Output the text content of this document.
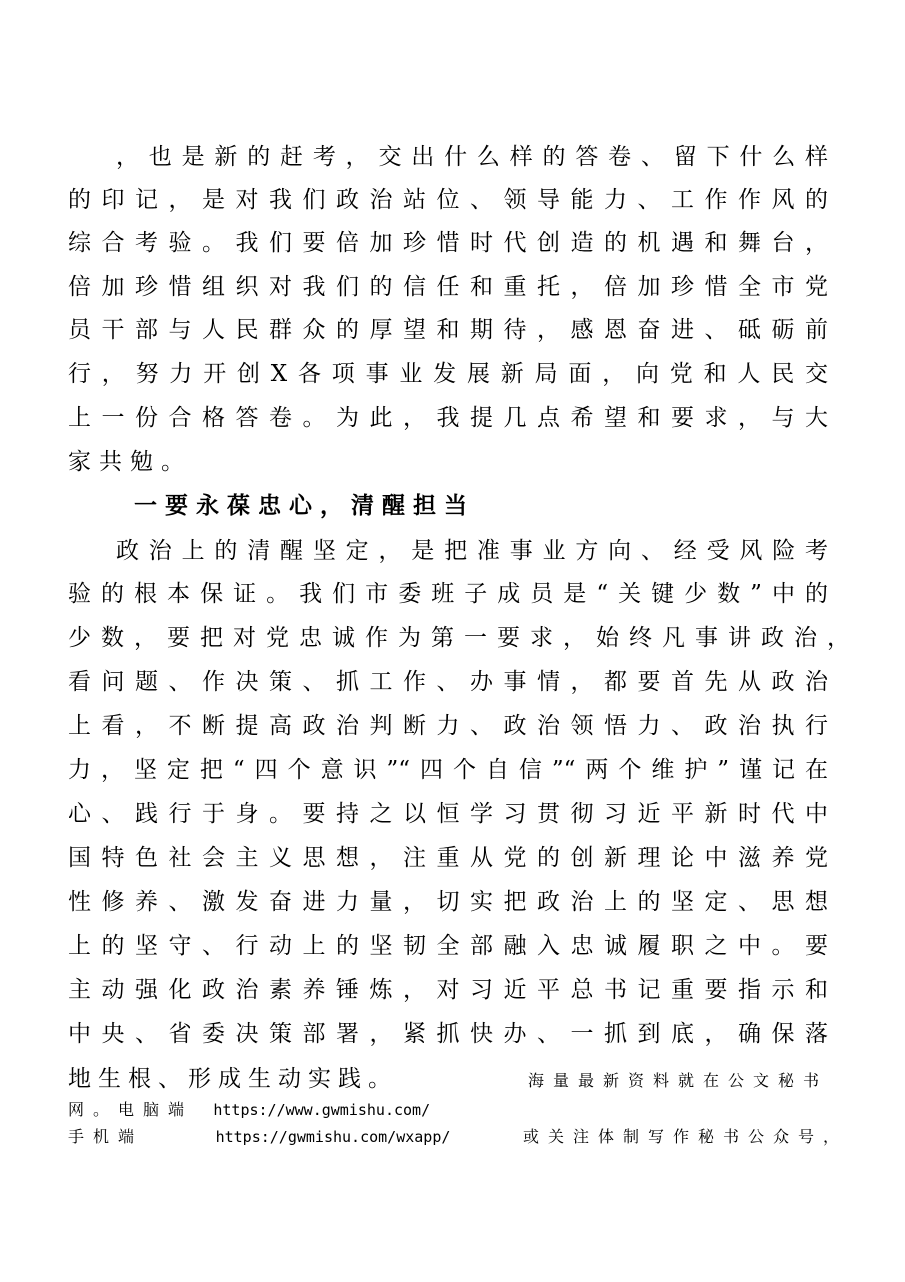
，也是新的赶考，交出什么样的答卷、留下什么样
的印记，是对我们政治站位、领导能力、工作作风的
综合考验。我们要倍加珍惜时代创造的机遇和舞台，
倍加珍惜组织对我们的信任和重托，倍加珍惜全市党
员干部与人民群众的厚望和期待，感恩奋进、砥砺前
行，努力开创X各项事业发展新局面，向党和人民交
上一份合格答卷。为此，我提几点希望和要求，与大
家共勉。
一要永葆忠心，清醒担当
政治上的清醒坚定，是把准事业方向、经受风险考
验的根本保证。我们市委班子成员是“关键少数”中的
少数，要把对党忠诚作为第一要求，始终凡事讲政治，
看问题、作决策、抓工作、办事情，都要首先从政治
上看，不断提高政治判断力、政治领悟力、政治执行
力，坚定把“四个意识”“四个自信”“两个维护”谨记在
心、践行于身。要持之以恒学习贯彻习近平新时代中
国特色社会主义思想，注重从党的创新理论中滋养党
性修养、激发奋进力量，切实把政治上的坚定、思想
上的坚守、行动上的坚韧全部融入忠诚履职之中。要
主动强化政治素养锤炼，对习近平总书记重要指示和
中央、省委决策部署，紧抓快办、一抓到底，确保落
地生根、形成生动实践。	海量最新资料就在公文秘书
网。电脑端 https://www.gwmishu.com/
手机端	https://gwmishu.com/wxapp/	或关注体制写作秘书公众号，
